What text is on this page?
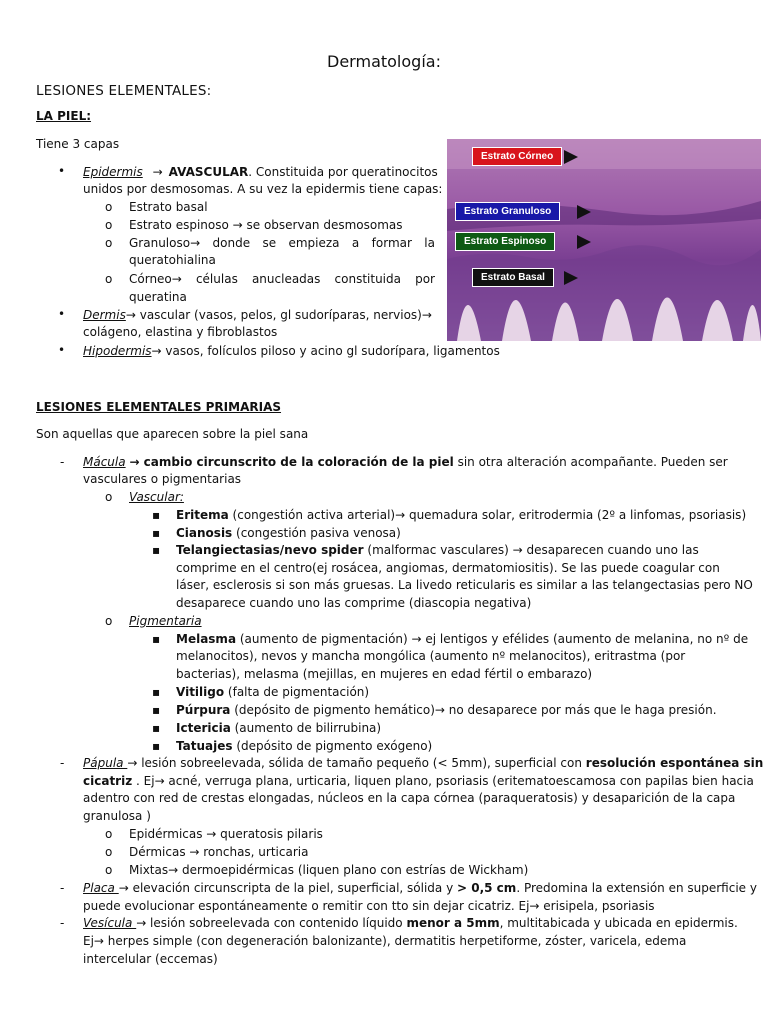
Dermatología:
LESIONES ELEMENTALES:
LA PIEL:
Tiene 3 capas
• Epidermis → AVASCULAR. Constituida por queratinocitos
unidos por desmosomas. A su vez la epidermis tiene capas:
o Estrato basal
o Estrato espinoso → se observan desmosomas
o Granuloso→ donde se empieza a formar la
queratohialina
o Córneo→ células anucleadas constituida por
queratina
• Dermis→ vascular (vasos, pelos, gl sudoríparas, nervios)→
colágeno, elastina y fibroblastos
• Hipodermis→ vasos, folículos piloso y acino gl sudorípara, ligamentos
Estrato Córneo
Estrato Granuloso
Estrato Espinoso
Estrato Basal
LESIONES ELEMENTALES PRIMARIAS
Son aquellas que aparecen sobre la piel sana
- Mácula → cambio circunscrito de la coloración de la piel sin otra alteración acompañante. Pueden ser
vasculares o pigmentarias
o Vascular:
▪ Eritema (congestión activa arterial)→ quemadura solar, eritrodermia (2º a linfomas, psoriasis)
▪ Cianosis (congestión pasiva venosa)
▪ Telangiectasias/nevo spider (malformac vasculares) → desaparecen cuando uno las
comprime en el centro(ej rosácea, angiomas, dermatomiositis). Se las puede coagular con
láser, esclerosis si son más gruesas. La livedo reticularis es similar a las telangectasias pero NO
desaparece cuando uno las comprime (diascopia negativa)
o Pigmentaria
▪ Melasma (aumento de pigmentación) → ej lentigos y efélides (aumento de melanina, no nº de
melanocitos), nevos y mancha mongólica (aumento nº melanocitos), eritrastma (por
bacterias), melasma (mejillas, en mujeres en edad fértil o embarazo)
▪ Vitiligo (falta de pigmentación)
▪ Púrpura (depósito de pigmento hemático)→ no desaparece por más que le haga presión.
▪ Ictericia (aumento de bilirrubina)
▪ Tatuajes (depósito de pigmento exógeno)
- Pápula → lesión sobreelevada, sólida de tamaño pequeño (< 5mm), superficial con resolución espontánea sin
cicatriz . Ej→ acné, verruga plana, urticaria, liquen plano, psoriasis (eritematoescamosa con papilas bien hacia
adentro con red de crestas elongadas, núcleos en la capa córnea (paraqueratosis) y desaparición de la capa
granulosa )
o Epidérmicas → queratosis pilaris
o Dérmicas → ronchas, urticaria
o Mixtas→ dermoepidérmicas (liquen plano con estrías de Wickham)
- Placa → elevación circunscripta de la piel, superficial, sólida y > 0,5 cm. Predomina la extensión en superficie y
puede evolucionar espontáneamente o remitir con tto sin dejar cicatriz. Ej→ erisipela, psoriasis
- Vesícula → lesión sobreelevada con contenido líquido menor a 5mm, multitabicada y ubicada en epidermis.
Ej→ herpes simple (con degeneración balonizante), dermatitis herpetiforme, zóster, varicela, edema
intercelular (eccemas)
